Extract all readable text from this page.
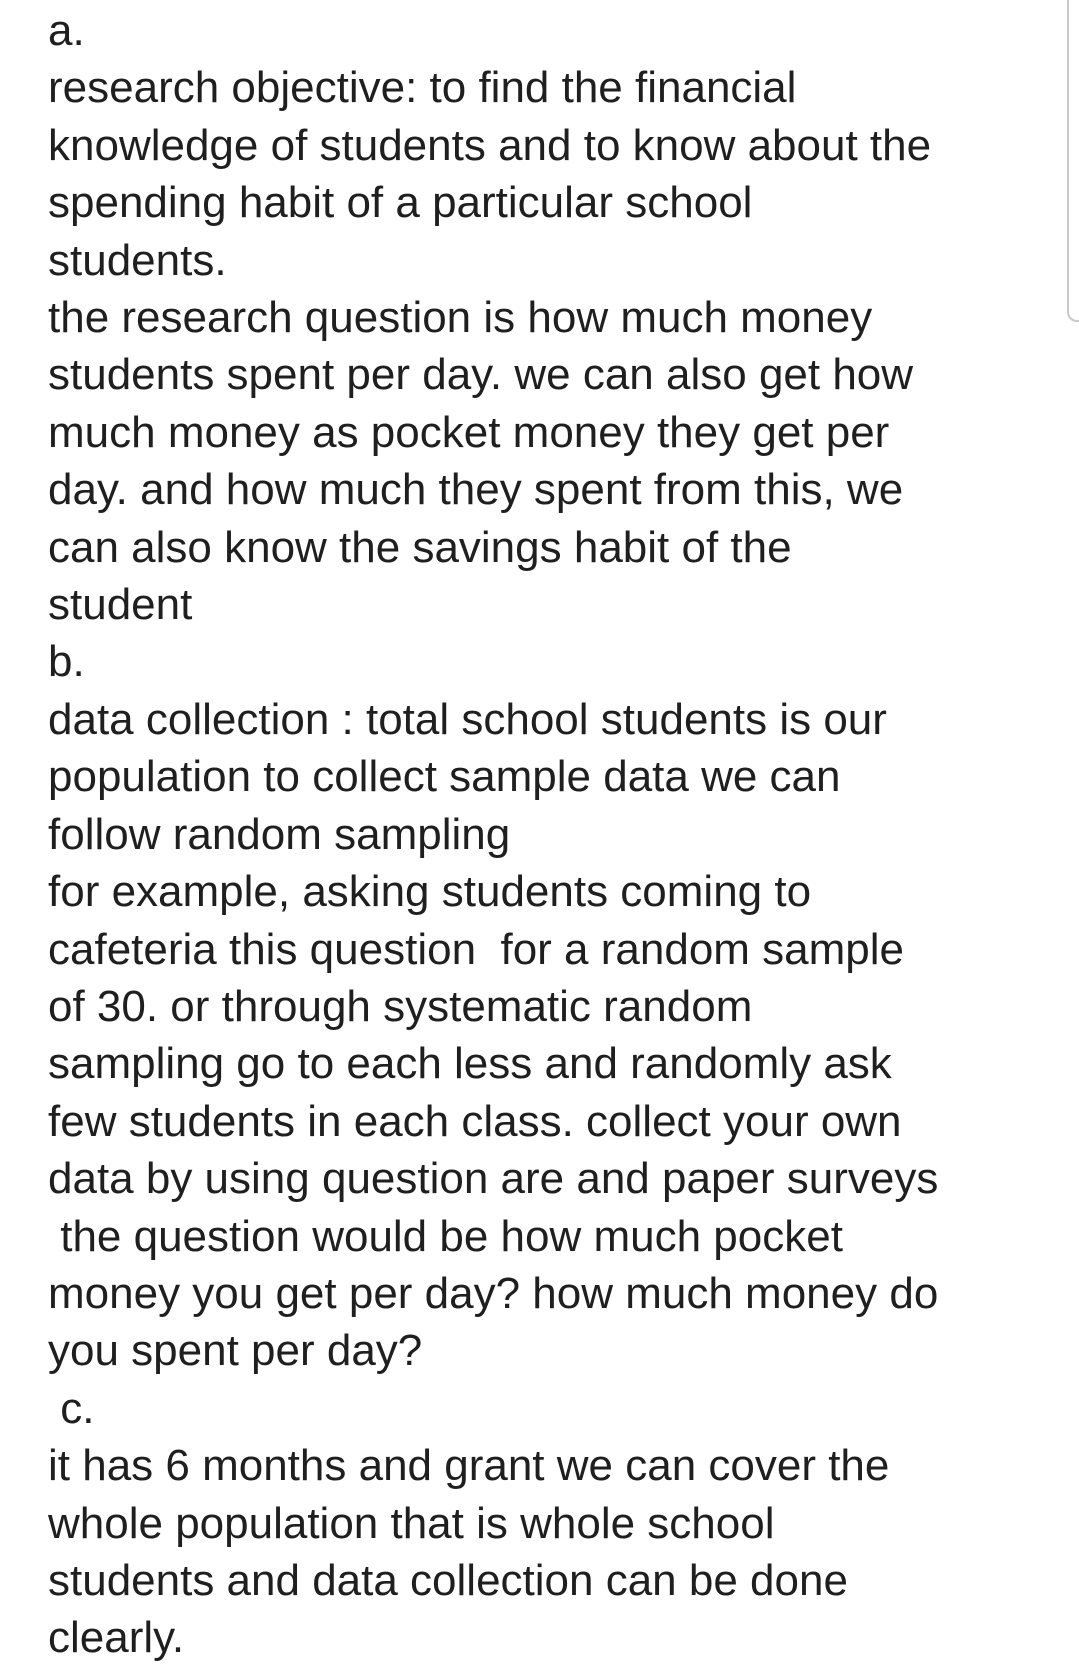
a.
research objective: to find the financial
knowledge of students and to know about the
spending habit of a particular school
students.
the research question is how much money
students spent per day. we can also get how
much money as pocket money they get per
day. and how much they spent from this, we
can also know the savings habit of the
student
b.
data collection : total school students is our
population to collect sample data we can
follow random sampling
for example, asking students coming to
cafeteria this question  for a random sample
of 30. or through systematic random
sampling go to each less and randomly ask
few students in each class. collect your own
data by using question are and paper surveys
the question would be how much pocket
money you get per day? how much money do
you spent per day?
c.
it has 6 months and grant we can cover the
whole population that is whole school
students and data collection can be done
clearly.
